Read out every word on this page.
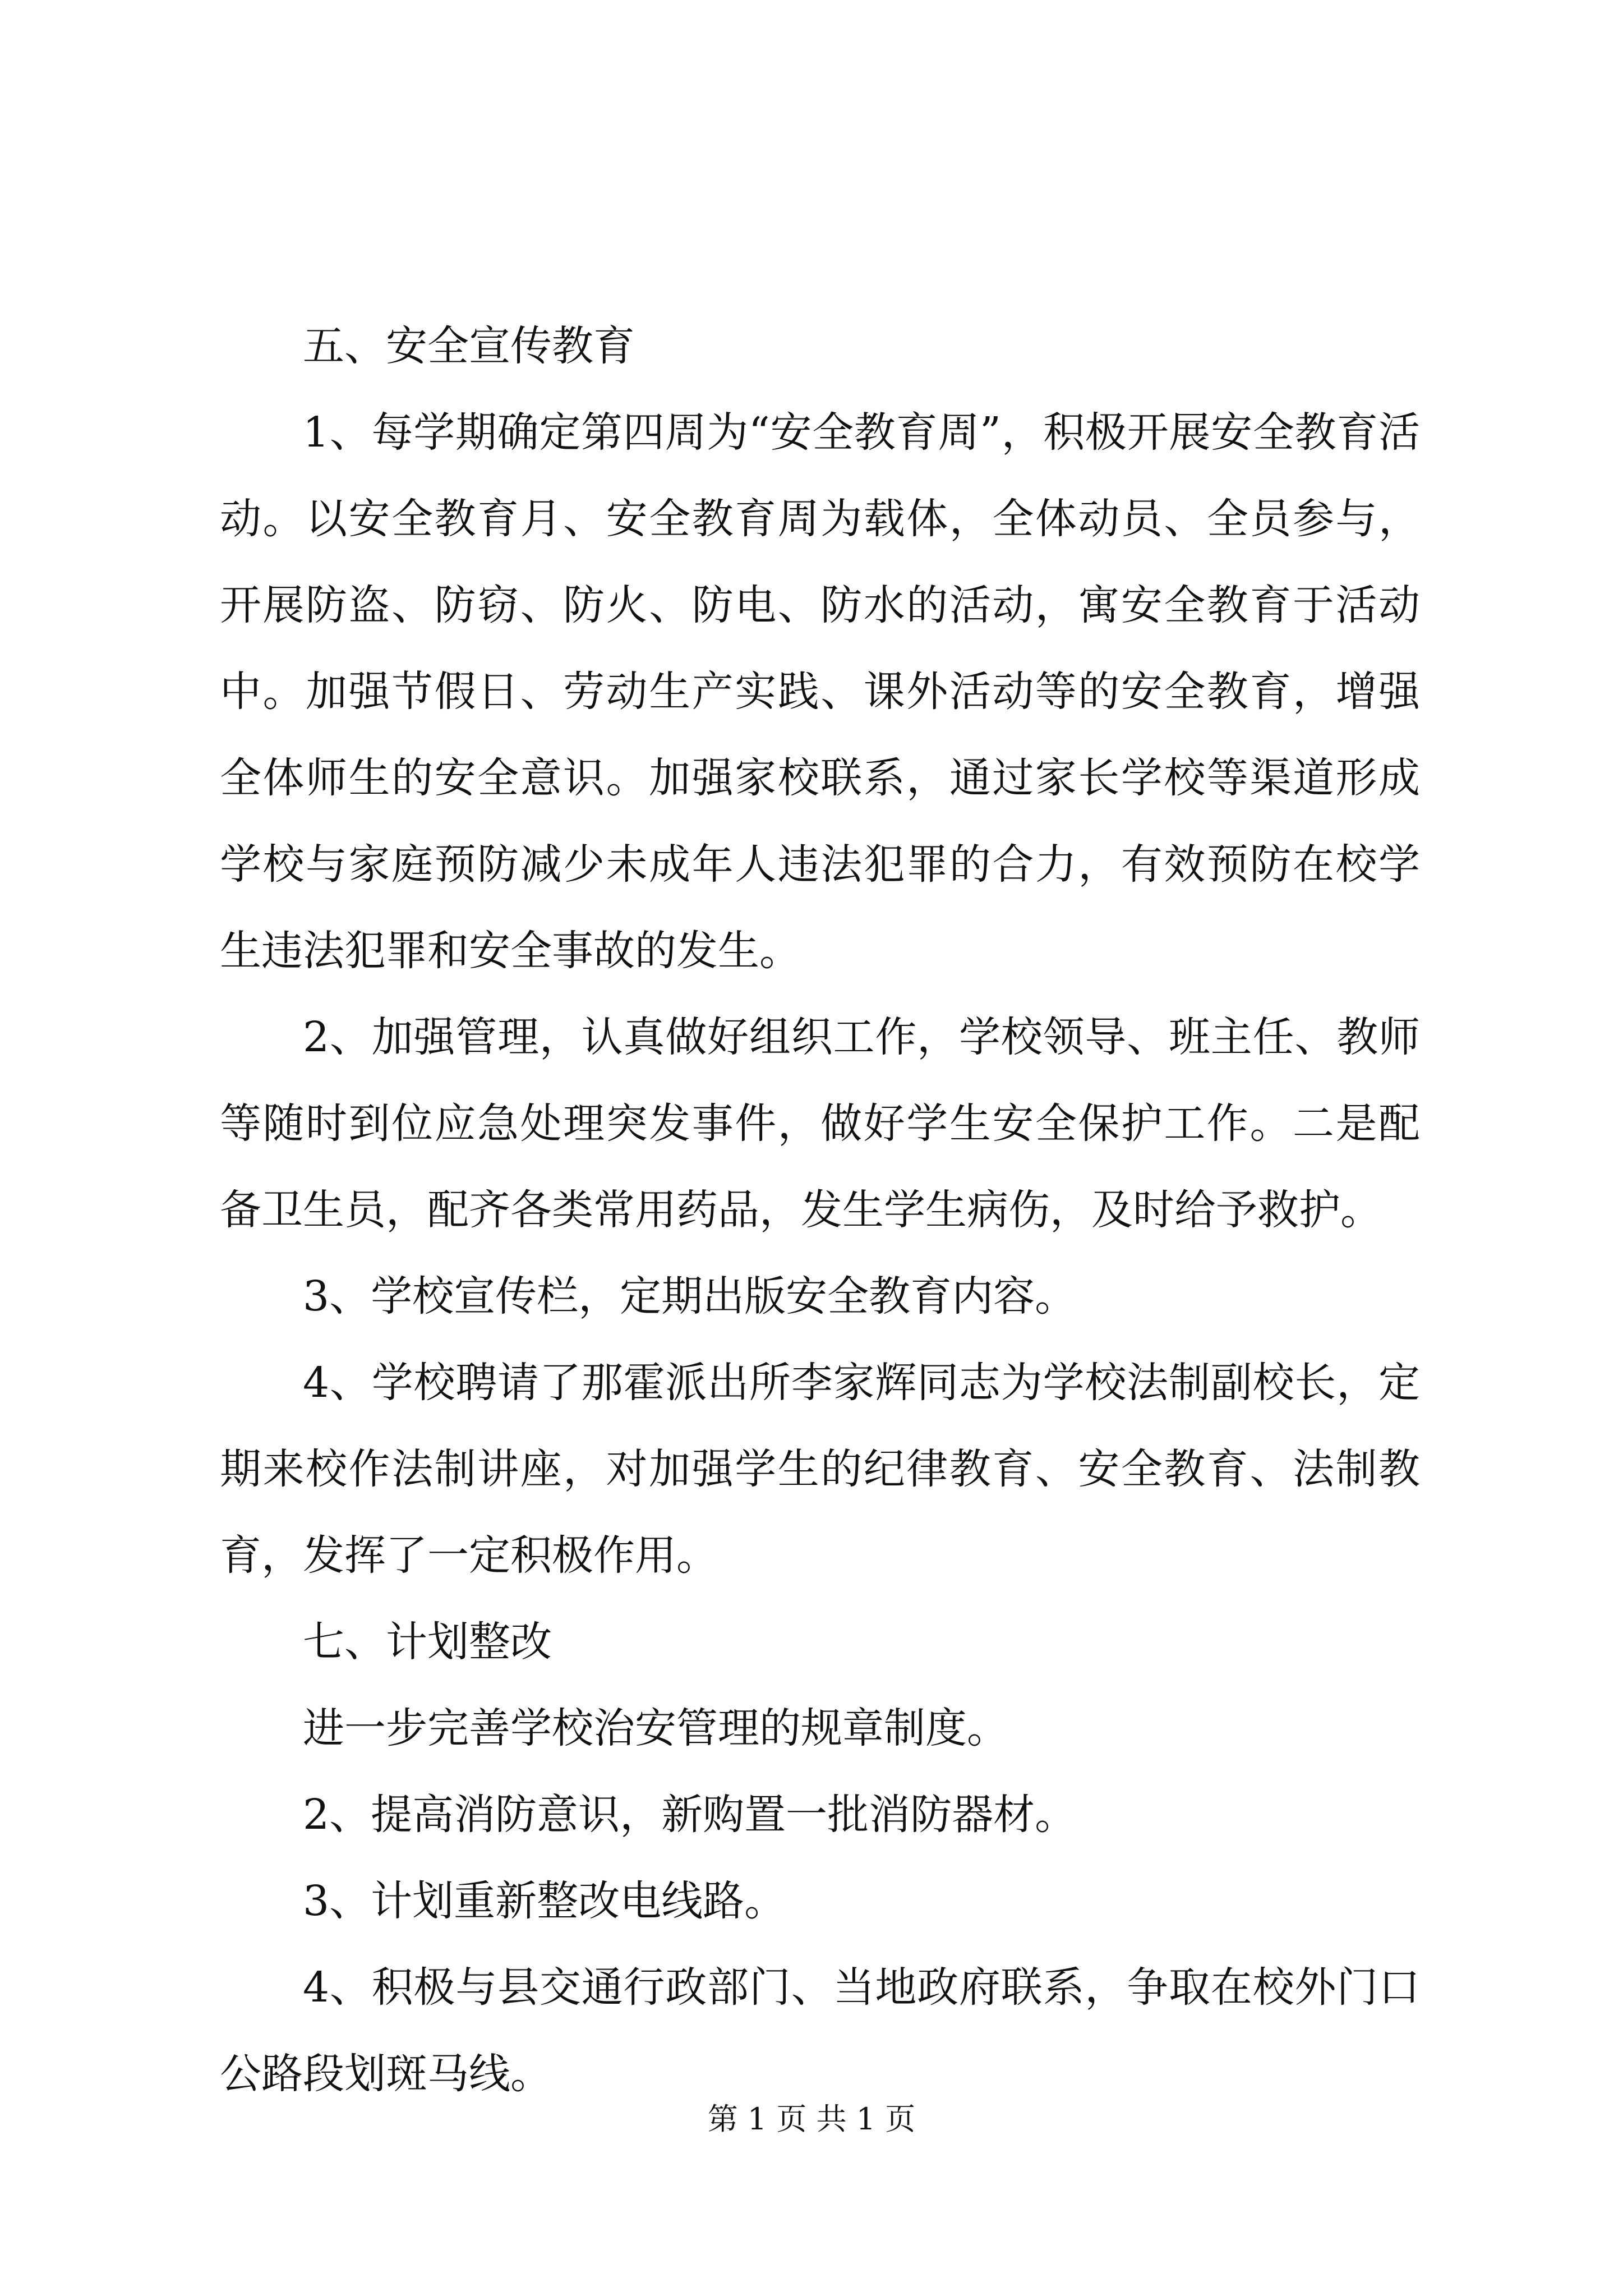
五、安全宣传教育

1、每学期确定第四周为“安全教育周”，积极开展安全教育活动。以安全教育月、安全教育周为载体，全体动员、全员参与，开展防盗、防窃、防火、防电、防水的活动，寓安全教育于活动中。加强节假日、劳动生产实践、课外活动等的安全教育，增强全体师生的安全意识。加强家校联系，通过家长学校等渠道形成学校与家庭预防减少未成年人违法犯罪的合力，有效预防在校学生违法犯罪和安全事故的发生。

2、加强管理，认真做好组织工作，学校领导、班主任、教师等随时到位应急处理突发事件，做好学生安全保护工作。二是配备卫生员，配齐各类常用药品，发生学生病伤，及时给予救护。

3、学校宣传栏，定期出版安全教育内容。

4、学校聘请了那霍派出所李家辉同志为学校法制副校长，定期来校作法制讲座，对加强学生的纪律教育、安全教育、法制教育，发挥了一定积极作用。

七、计划整改

进一步完善学校治安管理的规章制度。

2、提高消防意识，新购置一批消防器材。

3、计划重新整改电线路。

4、积极与县交通行政部门、当地政府联系，争取在校外门口公路段划斑马线。

第 1 页 共 1 页
